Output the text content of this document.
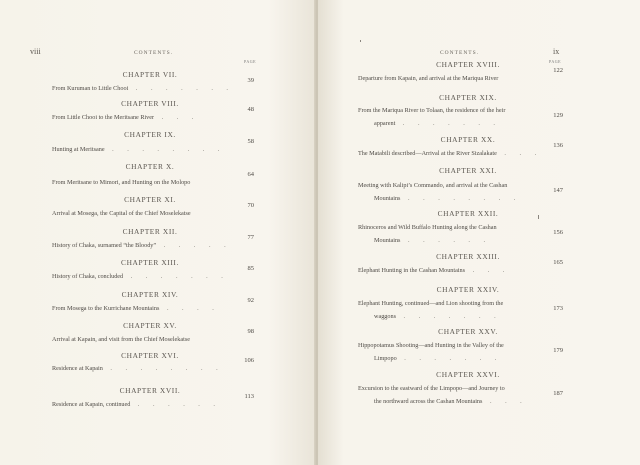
viii	CONTENTS.
PAGE
CHAPTER VII.
From Kuruman to Little Chooi . . . . . . .
39
CHAPTER VIII.
From Little Chooi to the Meritsane River . . .
48
CHAPTER IX.
Hunting at Meritsane . . . . . . . .
58
CHAPTER X.
From Meritsane to Mimori, and Hunting on the Molopo
64
CHAPTER XI.
Arrival at Mosega, the Capital of the Chief Moselekatse
70
CHAPTER XII.
History of Chaka, surnamed “the Bloody” . . . . .
77
CHAPTER XIII.
History of Chaka, concluded . . . . . . .
85
CHAPTER XIV.
From Mosega to the Kurrichane Mountains . . . .
92
CHAPTER XV.
Arrival at Kapain, and visit from the Chief Moselekatse
98
CHAPTER XVI.
Residence at Kapain . . . . . . . .
106
CHAPTER XVII.
Residence at Kapain, continued . . . . . .
113
CONTENTS.	ix
PAGE
CHAPTER XVIII.
Departure from Kapain, and arrival at the Mariqua River
122
CHAPTER XIX.
From the Mariqua River to Tolaan, the residence of the heir
apparent . . . . . . .
129
CHAPTER XX.
The Matabili described—Arrival at the River Sizalakate . . .
136
CHAPTER XXI.
Meeting with Kalipi’s Commando, and arrival at the Cashan
Mountains . . . . . . . .
147
CHAPTER XXII.
Rhinoceros and Wild Buffalo Hunting along the Cashan
Mountains . . . . . .
156
CHAPTER XXIII.
Elephant Hunting in the Cashan Mountains . . .
165
CHAPTER XXIV.
Elephant Hunting, continued—and Lion shooting from the
waggons . . . . . . .
173
CHAPTER XXV.
Hippopotamus Shooting—and Hunting in the Valley of the
Limpopo . . . . . . .
179
CHAPTER XXVI.
Excursion to the eastward of the Limpopo—and Journey to
the northward across the Cashan Mountains . . .
187
